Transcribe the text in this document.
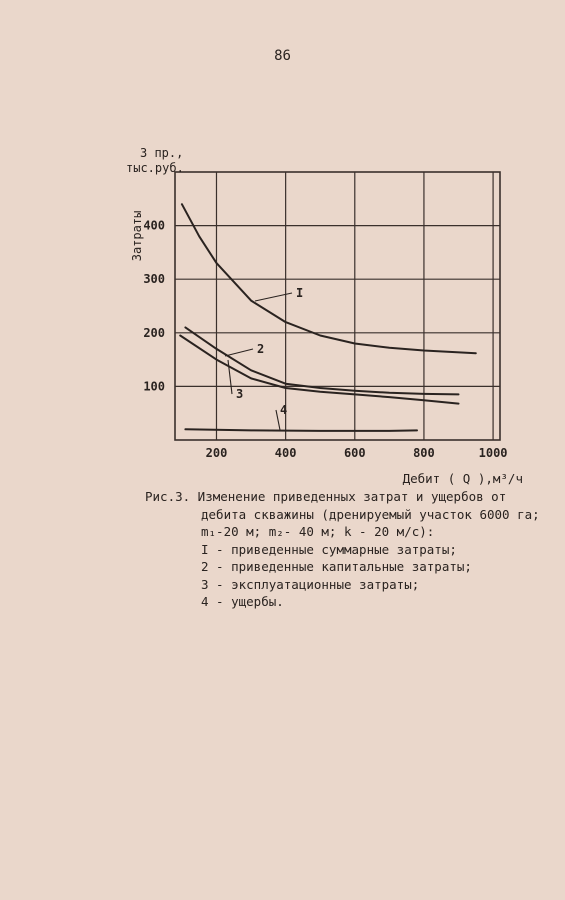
86
I
2
3
4
200	400	600	800	1000
100
200
300
400
З пр.,
тыс.руб.
Затраты
Дебит ( Q ),м³/ч
Рис.3. Изменение приведенных затрат и ущербов от
дебита скважины (дренируемый участок 6000 га;
m₁-20 м; m₂- 40 м; k - 20 м/с):
I - приведенные суммарные затраты;
2 - приведенные капитальные затраты;
3 - эксплуатационные затраты;
4 - ущербы.
